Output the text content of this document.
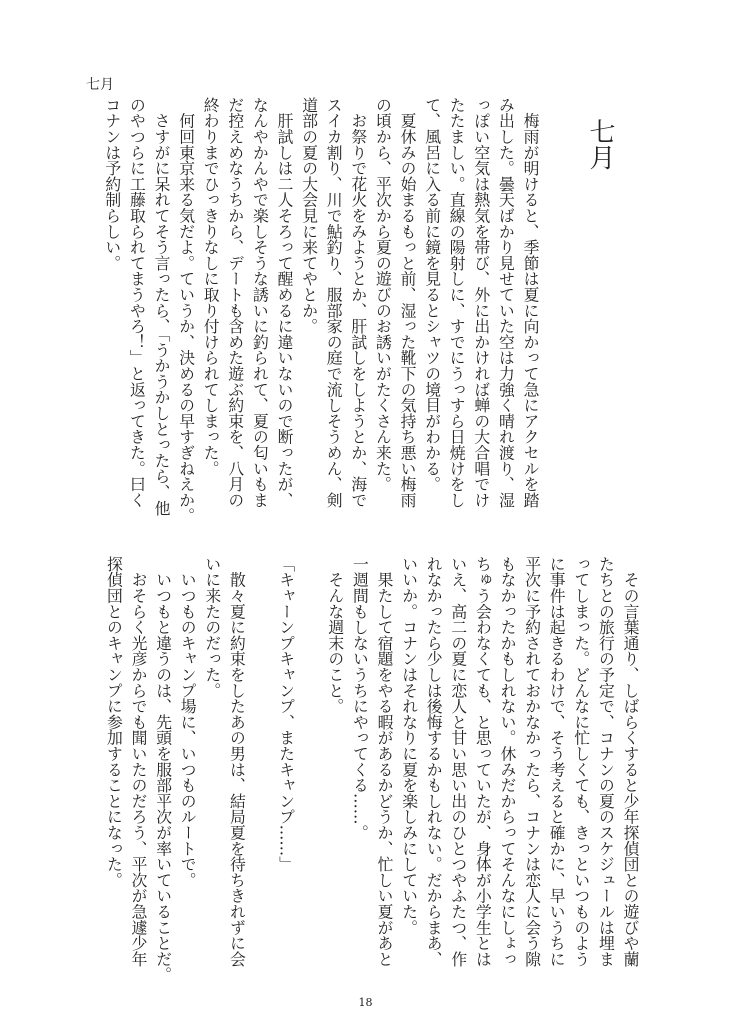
七月
七月
　梅雨が明けると、季節は夏に向かって急にアクセルを踏
み出した。曇天ばかり見せていた空は力強く晴れ渡り、湿
っぽい空気は熱気を帯び、外に出かければ蝉の大合唱でけ
たたましい。直線の陽射しに、すでにうっすら日焼けをし
て、風呂に入る前に鏡を見るとシャツの境目がわかる。
　夏休みの始まるもっと前、湿った靴下の気持ち悪い梅雨
の頃から、平次から夏の遊びのお誘いがたくさん来た。
　お祭りで花火をみようとか、肝試しをしようとか、海で
スイカ割り、川で鮎釣り、服部家の庭で流しそうめん、剣
道部の夏の大会見に来てやとか。
　肝試しは二人そろって醒めるに違いないので断ったが、
なんやかんやで楽しそうな誘いに釣られて、夏の匂いもま
だ控えめなうちから、デートも含めた遊ぶ約束を、八月の
終わりまでひっきりなしに取り付けられてしまった。
　何回東京来る気だよ。ていうか、決めるの早すぎねえか。
　さすがに呆れてそう言ったら、「うかうかしとったら、他
のやつらに工藤取られてまうやろ！」と返ってきた。曰く
コナンは予約制らしい。
　その言葉通り、しばらくすると少年探偵団との遊びや蘭
たちとの旅行の予定で、コナンの夏のスケジュールは埋ま
ってしまった。どんなに忙しくても、きっといつものよう
に事件は起きるわけで、そう考えると確かに、早いうちに
平次に予約されておかなかったら、コナンは恋人に会う隙
もなかったかもしれない。休みだからってそんなにしょっ
ちゅう会わなくても、と思っていたが、身体が小学生とは
いえ、高二の夏に恋人と甘い思い出のひとつやふたつ、作
れなかったら少しは後悔するかもしれない。だからまあ、
いいか。コナンはそれなりに夏を楽しみにしていた。
　果たして宿題をやる暇があるかどうか、忙しい夏があと
一週間もしないうちにやってくる……。
　そんな週末のこと。
「キャーンプキャンプ、またキャンプ……」
　散々夏に約束をしたあの男は、結局夏を待ちきれずに会
いに来たのだった。
　いつものキャンプ場に、いつものルートで。
　いつもと違うのは、先頭を服部平次が率いていることだ。
　おそらく光彦からでも聞いたのだろう、平次が急遽少年
探偵団とのキャンプに参加することになった。
18
